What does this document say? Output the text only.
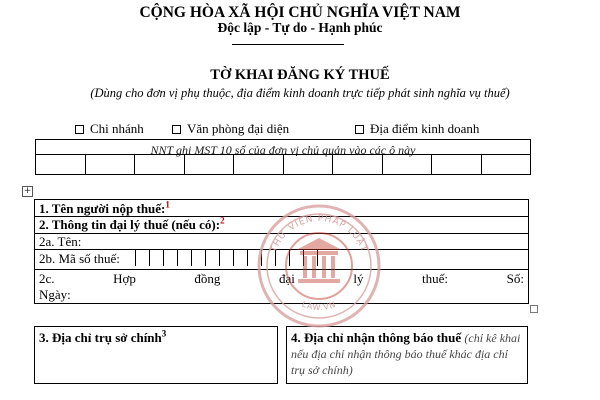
CỘNG HÒA XÃ HỘI CHỦ NGHĨA VIỆT NAM
Độc lập - Tự do - Hạnh phúc
TỜ KHAI ĐĂNG KÝ THUẾ
(Dùng cho đơn vị phụ thuộc, địa điểm kinh doanh trực tiếp phát sinh nghĩa vụ thuế)
Chi nhánh	Văn phòng đại diện	Địa điểm kinh doanh
NNT ghi MST 10 số của đơn vị chủ quản vào các ô này
+
1. Tên người nộp thuế:$^1$
2. Thông tin đại lý thuế (nếu có):$^2$
2a. Tên:
2b. Mã số thuế:
2c.	Hợp	đồng	đại	lý	thuế:	Số:
Ngày:
3. Địa chỉ trụ sở chính$^3$	4. Địa chỉ nhận thông báo thuế (chỉ kê khai nếu địa chỉ nhận thông báo thuế khác địa chỉ trụ sở chính)
THƯ VIỆN PHÁP LUẬT
LAW.VN
